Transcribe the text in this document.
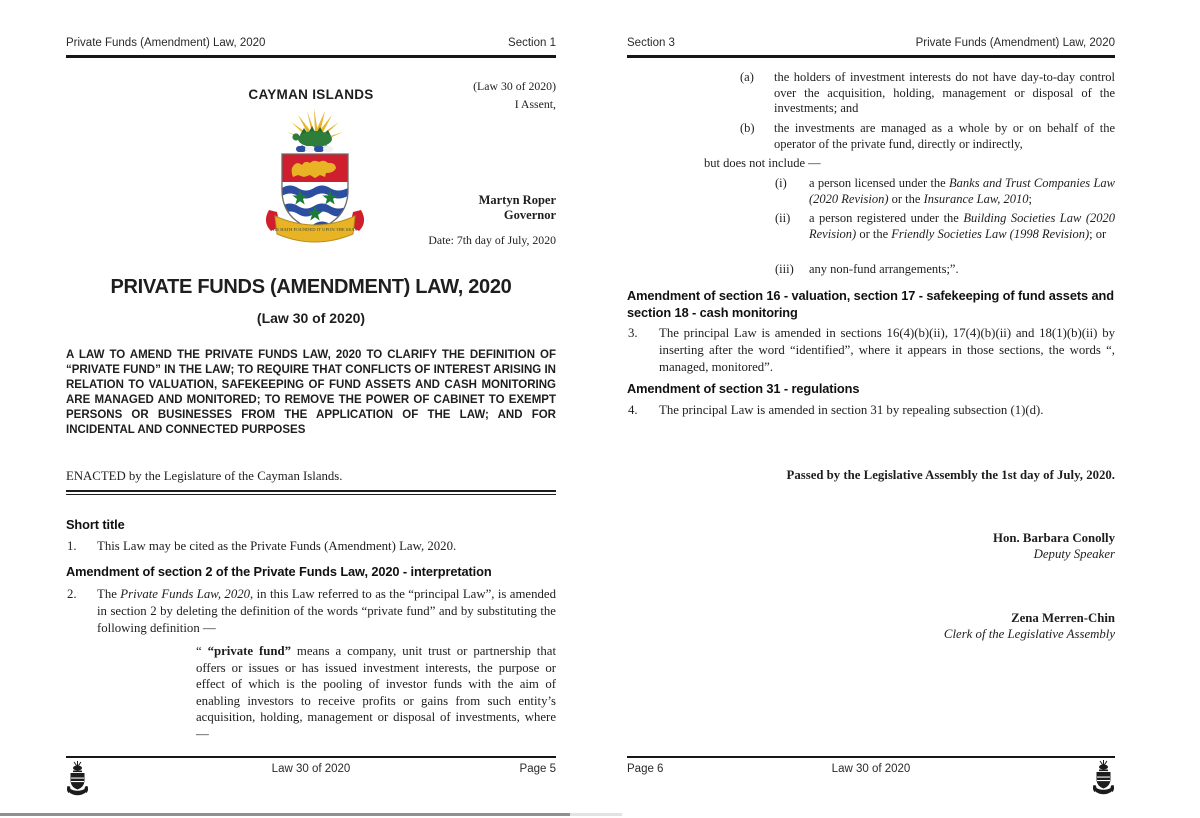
Private Funds (Amendment) Law, 2020	Section 1
(Law 30 of 2020)
I Assent,
CAYMAN ISLANDS
HE HATH FOUNDED IT UPON THE SEAS
Martyn Roper
Governor
Date: 7th day of July, 2020
PRIVATE FUNDS (AMENDMENT) LAW, 2020
(Law 30 of 2020)
A LAW TO AMEND THE PRIVATE FUNDS LAW, 2020 TO CLARIFY THE DEFINITION OF “PRIVATE FUND” IN THE LAW; TO REQUIRE THAT CONFLICTS OF INTEREST ARISING IN RELATION TO VALUATION, SAFEKEEPING OF FUND ASSETS AND CASH MONITORING ARE MANAGED AND MONITORED; TO REMOVE THE POWER OF CABINET TO EXEMPT PERSONS OR BUSINESSES FROM THE APPLICATION OF THE LAW; AND FOR INCIDENTAL AND CONNECTED PURPOSES
ENACTED by the Legislature of the Cayman Islands.
Short title
1. This Law may be cited as the Private Funds (Amendment) Law, 2020.
Amendment of section 2 of the Private Funds Law, 2020 - interpretation
2. The Private Funds Law, 2020, in this Law referred to as the “principal Law”, is amended in section 2 by deleting the definition of the words “private fund” and by substituting the following definition —
“ “private fund” means a company, unit trust or partnership that offers or issues or has issued investment interests, the purpose or effect of which is the pooling of investor funds with the aim of enabling investors to receive profits or gains from such entity’s acquisition, holding, management or disposal of investments, where —
Law 30 of 2020	Page 5
Section 3	Private Funds (Amendment) Law, 2020
(a) the holders of investment interests do not have day-to-day control over the acquisition, holding, management or disposal of the investments; and
(b) the investments are managed as a whole by or on behalf of the operator of the private fund, directly or indirectly,
but does not include —
(i) a person licensed under the Banks and Trust Companies Law (2020 Revision) or the Insurance Law, 2010;
(ii) a person registered under the Building Societies Law (2020 Revision) or the Friendly Societies Law (1998 Revision); or
(iii) any non-fund arrangements;”.
Amendment of section 16 - valuation, section 17 - safekeeping of fund assets and section 18 - cash monitoring
3. The principal Law is amended in sections 16(4)(b)(ii), 17(4)(b)(ii) and 18(1)(b)(ii) by inserting after the word “identified”, where it appears in those sections, the words “, managed, monitored”.
Amendment of section 31 - regulations
4. The principal Law is amended in section 31 by repealing subsection (1)(d).
Passed by the Legislative Assembly the 1st day of July, 2020.
Hon. Barbara Conolly
Deputy Speaker
Zena Merren-Chin
Clerk of the Legislative Assembly
Page 6	Law 30 of 2020
